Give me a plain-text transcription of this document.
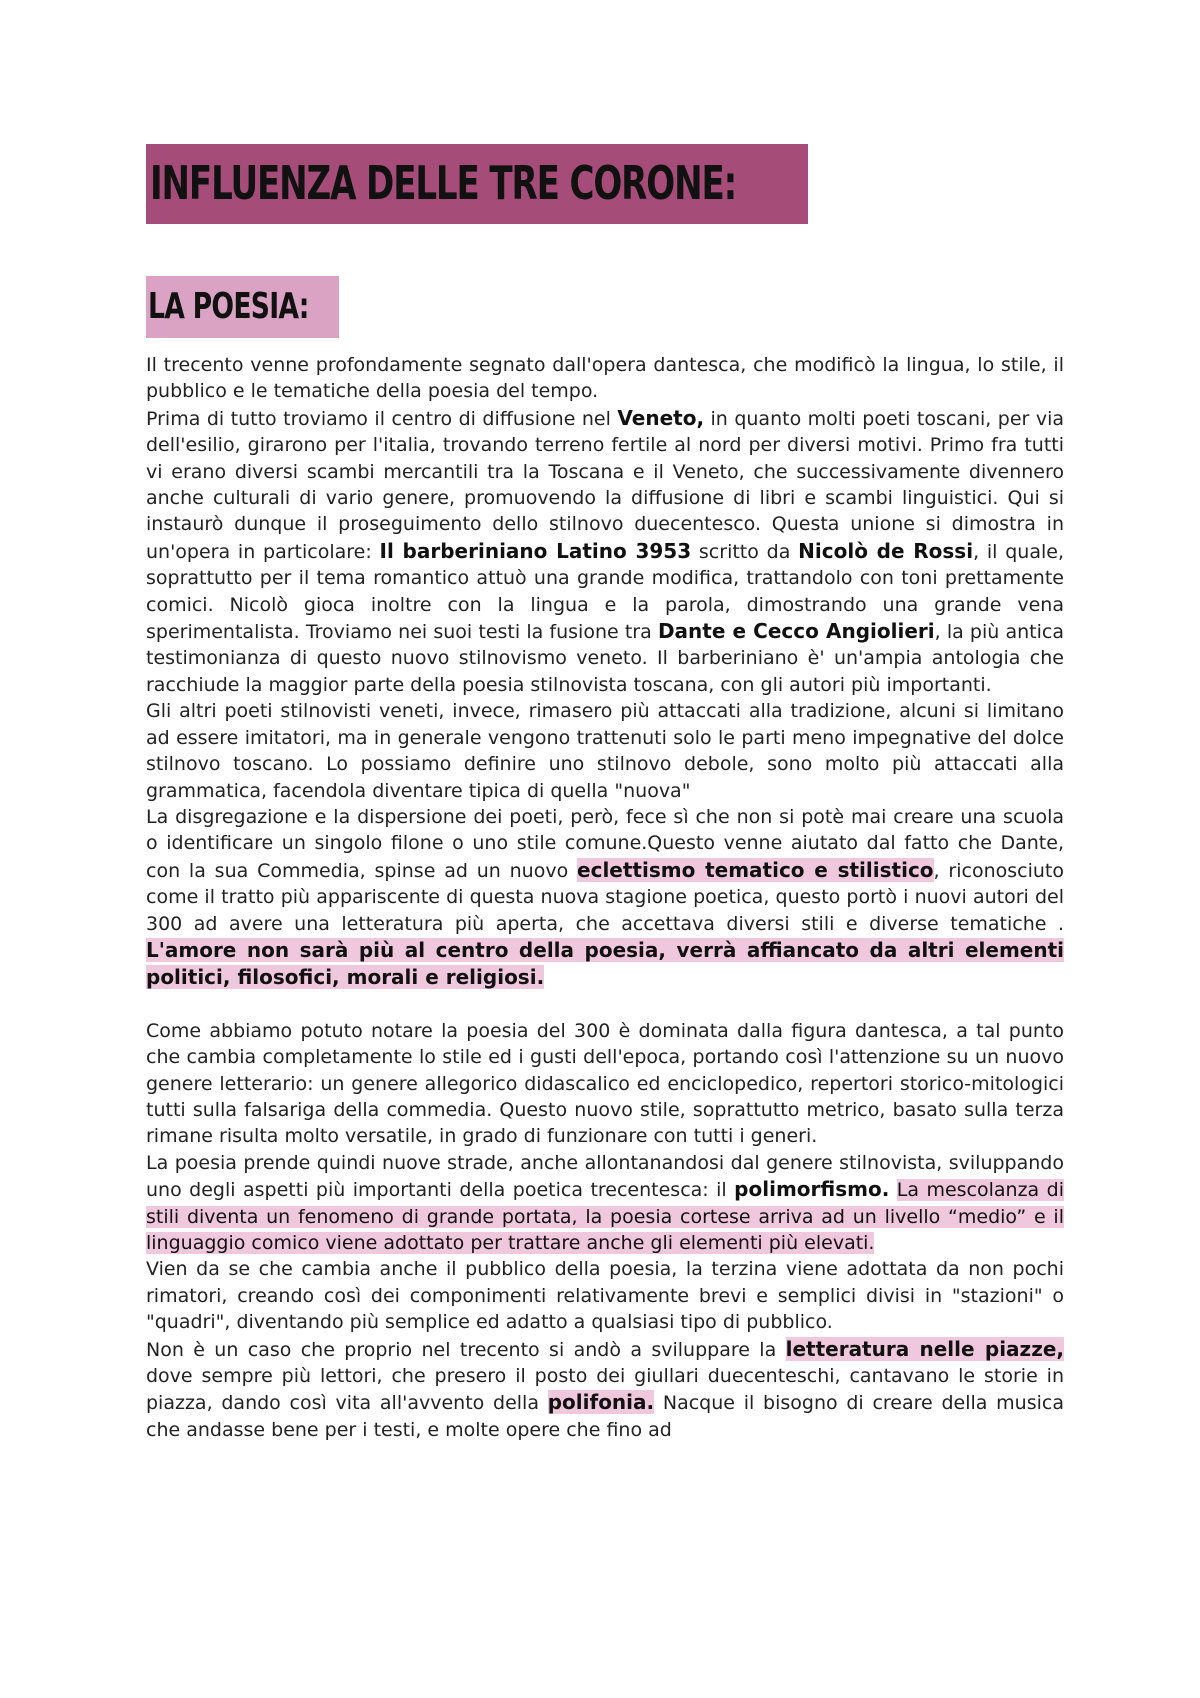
INFLUENZA DELLE TRE CORONE:
LA POESIA:

Il trecento venne profondamente segnato dall'opera dantesca, che modificò la lingua, lo stile, il pubblico e le tematiche della poesia del tempo.

Prima di tutto troviamo il centro di diffusione nel Veneto, in quanto molti poeti toscani, per via dell'esilio, girarono per l'italia, trovando terreno fertile al nord per diversi motivi. Primo fra tutti vi erano diversi scambi mercantili tra la Toscana e il Veneto, che successivamente divennero anche culturali di vario genere, promuovendo la diffusione di libri e scambi linguistici. Qui si instaurò dunque il proseguimento dello stilnovo duecentesco. Questa unione si dimostra in un'opera in particolare: Il barberiniano Latino 3953 scritto da Nicolò de Rossi, il quale, soprattutto per il tema romantico attuò una grande modifica, trattandolo con toni prettamente comici. Nicolò gioca inoltre con la lingua e la parola, dimostrando una grande vena sperimentalista. Troviamo nei suoi testi la fusione tra Dante e Cecco Angiolieri, la più antica testimonianza di questo nuovo stilnovismo veneto. Il barberiniano è' un'ampia antologia che racchiude la maggior parte della poesia stilnovista toscana, con gli autori più importanti.

Gli altri poeti stilnovisti veneti, invece, rimasero più attaccati alla tradizione, alcuni si limitano ad essere imitatori, ma in generale vengono trattenuti solo le parti meno impegnative del dolce stilnovo toscano. Lo possiamo definire uno stilnovo debole, sono molto più attaccati alla grammatica, facendola diventare tipica di quella "nuova"

La disgregazione e la dispersione dei poeti, però, fece sì che non si potè mai creare una scuola o identificare un singolo filone o uno stile comune.Questo venne aiutato dal fatto che Dante, con la sua Commedia, spinse ad un nuovo eclettismo tematico e stilistico, riconosciuto come il tratto più appariscente di questa nuova stagione poetica, questo portò i nuovi autori del 300 ad avere una letteratura più aperta, che accettava diversi stili e diverse tematiche . L'amore non sarà più al centro della poesia, verrà affiancato da altri elementi politici, filosofici, morali e religiosi.

Come abbiamo potuto notare la poesia del 300 è dominata dalla figura dantesca, a tal punto che cambia completamente lo stile ed i gusti dell'epoca, portando così l'attenzione su un nuovo genere letterario: un genere allegorico didascalico ed enciclopedico, repertori storico-mitologici tutti sulla falsariga della commedia. Questo nuovo stile, soprattutto metrico, basato sulla terza rimane risulta molto versatile, in grado di funzionare con tutti i generi.

La poesia prende quindi nuove strade, anche allontanandosi dal genere stilnovista, sviluppando uno degli aspetti più importanti della poetica trecentesca: il polimorfismo. La mescolanza di stili diventa un fenomeno di grande portata, la poesia cortese arriva ad un livello “medio” e il linguaggio comico viene adottato per trattare anche gli elementi più elevati.

Vien da se che cambia anche il pubblico della poesia, la terzina viene adottata da non pochi rimatori, creando così dei componimenti relativamente brevi e semplici divisi in "stazioni" o "quadri", diventando più semplice ed adatto a qualsiasi tipo di pubblico.

Non è un caso che proprio nel trecento si andò a sviluppare la letteratura nelle piazze, dove sempre più lettori, che presero il posto dei giullari duecenteschi, cantavano le storie in piazza, dando così vita all'avvento della polifonia. Nacque il bisogno di creare della musica che andasse bene per i testi, e molte opere che fino ad
